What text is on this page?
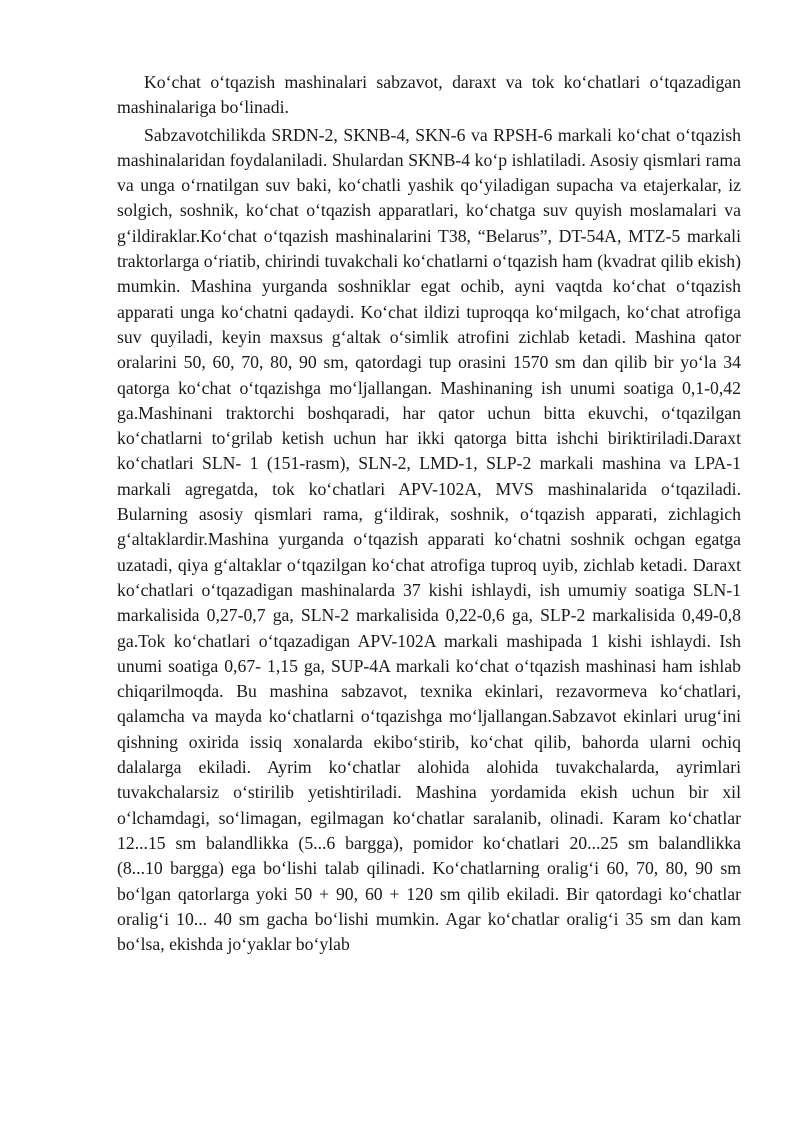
Ko‘chat o‘tqazish mashinalari sabzavot, daraxt va tok ko‘chatlari o‘tqazadigan mashinalariga bo‘linadi.

Sabzavotchilikda SRDN-2, SKNB-4, SKN-6 va RPSH-6 markali ko‘chat o‘tqazish mashinalaridan foydalaniladi. Shulardan SKNB-4 ko‘p ishlatiladi. Asosiy qismlari rama va unga o‘rnatilgan suv baki, ko‘chatli yashik qo‘yiladigan supacha va etajerkalar, iz solgich, soshnik, ko‘chat o‘tqazish apparatlari, ko‘chatga suv quyish moslamalari va g‘ildiraklar.Ko‘chat o‘tqazish mashinalarini T38, “Belarus”, DT-54A, MTZ-5 markali traktorlarga o‘riatib, chirindi tuvakchali ko‘chatlarni o‘tqazish ham (kvadrat qilib ekish) mumkin. Mashina yurganda soshniklar egat ochib, ayni vaqtda ko‘chat o‘tqazish apparati unga ko‘chatni qadaydi. Ko‘chat ildizi tuproqqa ko‘milgach, ko‘chat atrofiga suv quyiladi, keyin maxsus g‘altak o‘simlik atrofini zichlab ketadi. Mashina qator oralarini 50, 60, 70, 80, 90 sm, qatordagi tup orasini 1570 sm dan qilib bir yo‘la 34 qatorga ko‘chat o‘tqazishga mo‘ljallangan. Mashinaning ish unumi soatiga 0,1-0,42 ga.Mashinani traktorchi boshqaradi, har qator uchun bitta ekuvchi, o‘tqazilgan ko‘chatlarni to‘grilab ketish uchun har ikki qatorga bitta ishchi biriktiriladi.Daraxt ko‘chatlari SLN- 1 (151-rasm), SLN-2, LMD-1, SLP-2 markali mashina va LPA-1 markali agregatda, tok ko‘chatlari APV-102A, MVS mashinalarida o‘tqaziladi. Bularning asosiy qismlari rama, g‘ildirak, soshnik, o‘tqazish apparati, zichlagich g‘altaklardir.Mashina yurganda o‘tqazish apparati ko‘chatni soshnik ochgan egatga uzatadi, qiya g‘altaklar o‘tqazilgan ko‘chat atrofiga tuproq uyib, zichlab ketadi. Daraxt ko‘chatlari o‘tqazadigan mashinalarda 37 kishi ishlaydi, ish umumiy soatiga SLN-1 markalisida 0,27-0,7 ga, SLN-2 markalisida 0,22-0,6 ga, SLP-2 markalisida 0,49-0,8 ga.Tok ko‘chatlari o‘tqazadigan APV-102A markali mashipada 1 kishi ishlaydi. Ish unumi soatiga 0,67- 1,15 ga, SUP-4A markali ko‘chat o‘tqazish mashinasi ham ishlab chiqarilmoqda. Bu mashina sabzavot, texnika ekinlari, rezavormeva ko‘chatlari, qalamcha va mayda ko‘chatlarni o‘tqazishga mo‘ljallangan.Sabzavot ekinlari urug‘ini qishning oxirida issiq xonalarda ekibo‘stirib, ko‘chat qilib, bahorda ularni ochiq dalalarga ekiladi. Ayrim ko‘chatlar alohida alohida tuvakchalarda, ayrimlari tuvakchalarsiz o‘stirilib yetishtiriladi. Mashina yordamida ekish uchun bir xil o‘lchamdagi, so‘limagan, egilmagan ko‘chatlar saralanib, olinadi. Karam ko‘chatlar 12...15 sm balandlikka (5...6 bargga), pomidor ko‘chatlari 20...25 sm balandlikka (8...10 bargga) ega bo‘lishi talab qilinadi. Ko‘chatlarning oralig‘i 60, 70, 80, 90 sm bo‘lgan qatorlarga yoki 50 + 90, 60 + 120 sm qilib ekiladi. Bir qatordagi ko‘chatlar oralig‘i 10... 40 sm gacha bo‘lishi mumkin. Agar ko‘chatlar oralig‘i 35 sm dan kam bo‘lsa, ekishda jo‘yaklar bo‘ylab
